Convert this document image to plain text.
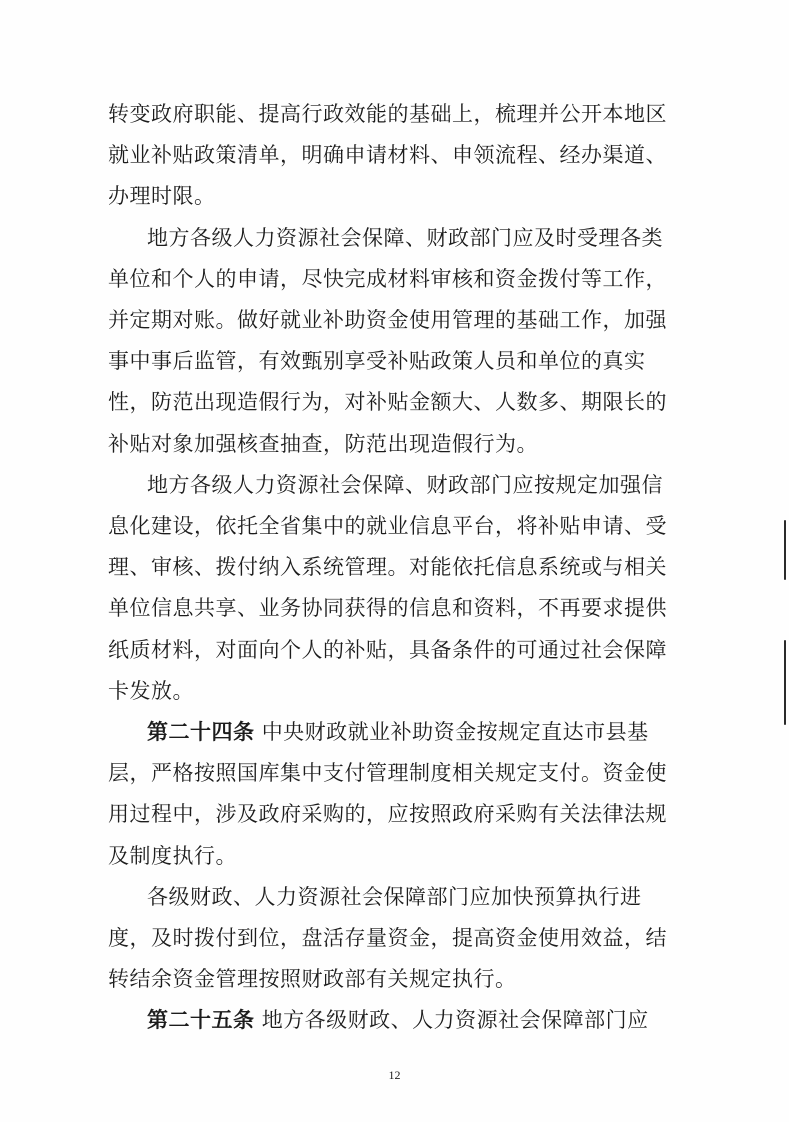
转变政府职能、提高行政效能的基础上，梳理并公开本地区
就业补贴政策清单，明确申请材料、申领流程、经办渠道、
办理时限。
地方各级人力资源社会保障、财政部门应及时受理各类
单位和个人的申请，尽快完成材料审核和资金拨付等工作，
并定期对账。做好就业补助资金使用管理的基础工作，加强
事中事后监管，有效甄别享受补贴政策人员和单位的真实
性，防范出现造假行为，对补贴金额大、人数多、期限长的
补贴对象加强核查抽查，防范出现造假行为。
地方各级人力资源社会保障、财政部门应按规定加强信
息化建设，依托全省集中的就业信息平台，将补贴申请、受
理、审核、拨付纳入系统管理。对能依托信息系统或与相关
单位信息共享、业务协同获得的信息和资料，不再要求提供
纸质材料，对面向个人的补贴，具备条件的可通过社会保障
卡发放。
第二十四条 中央财政就业补助资金按规定直达市县基
层，严格按照国库集中支付管理制度相关规定支付。资金使
用过程中，涉及政府采购的，应按照政府采购有关法律法规
及制度执行。
各级财政、人力资源社会保障部门应加快预算执行进
度，及时拨付到位，盘活存量资金，提高资金使用效益，结
转结余资金管理按照财政部有关规定执行。
第二十五条 地方各级财政、人力资源社会保障部门应
12
